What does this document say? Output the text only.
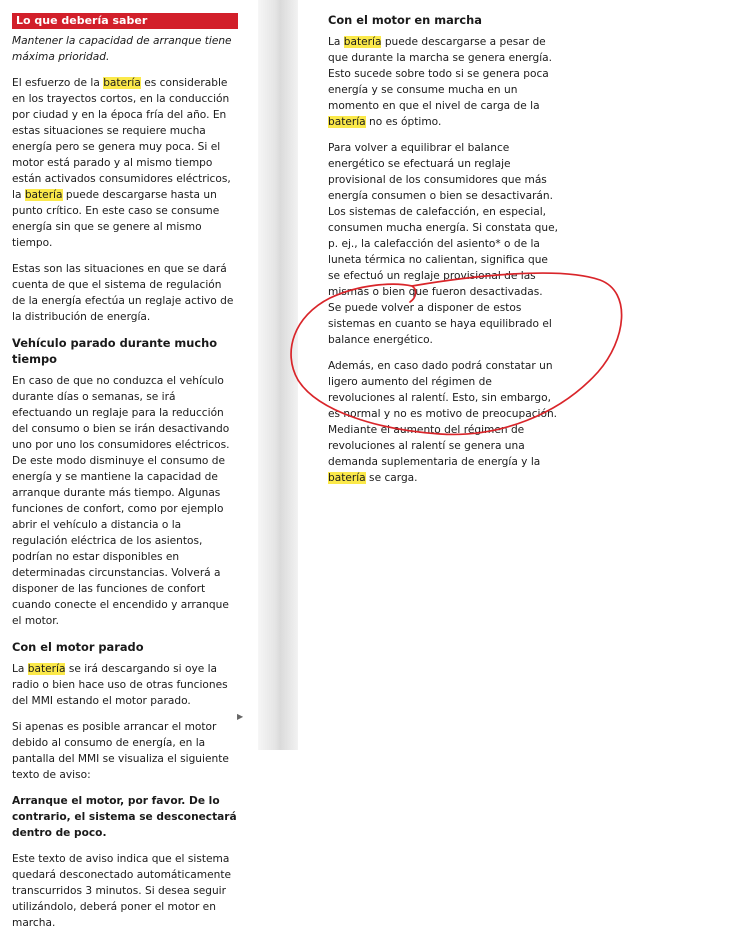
Lo que debería saber

Mantener la capacidad de arranque tiene máxima prioridad.

El esfuerzo de la batería es considerable en los trayectos cortos, en la conducción por ciudad y en la época fría del año. En estas situaciones se requiere mucha energía pero se genera muy poca. Si el motor está parado y al mismo tiempo están activados consumidores eléctricos, la batería puede descargarse hasta un punto crítico. En este caso se consume energía sin que se genere al mismo tiempo.

Estas son las situaciones en que se dará cuenta de que el sistema de regulación de la energía efectúa un reglaje activo de la distribución de energía.

Vehículo parado durante mucho tiempo

En caso de que no conduzca el vehículo durante días o semanas, se irá efectuando un reglaje para la reducción del consumo o bien se irán desactivando uno por uno los consumidores eléctricos. De este modo disminuye el consumo de energía y se mantiene la capacidad de arranque durante más tiempo. Algunas funciones de confort, como por ejemplo abrir el vehículo a distancia o la regulación eléctrica de los asientos, podrían no estar disponibles en determinadas circunstancias. Volverá a disponer de las funciones de confort cuando conecte el encendido y arranque el motor.

Con el motor parado

La batería se irá descargando si oye la radio o bien hace uso de otras funciones del MMI estando el motor parado.

Si apenas es posible arrancar el motor debido al consumo de energía, en la pantalla del MMI se visualiza el siguiente texto de aviso:

Arranque el motor, por favor. De lo contrario, el sistema se desconectará dentro de poco.

Este texto de aviso indica que el sistema quedará desconectado automáticamente transcurridos 3 minutos. Si desea seguir utilizándolo, deberá poner el motor en marcha.

▶
Con el motor en marcha

La batería puede descargarse a pesar de que durante la marcha se genera energía. Esto sucede sobre todo si se genera poca energía y se consume mucha en un momento en que el nivel de carga de la batería no es óptimo.

Para volver a equilibrar el balance energético se efectuará un reglaje provisional de los consumidores que más energía consumen o bien se desactivarán. Los sistemas de calefacción, en especial, consumen mucha energía. Si constata que, p. ej., la calefacción del asiento* o de la luneta térmica no calientan, significa que se efectuó un reglaje provisional de las mismas o bien que fueron desactivadas. Se puede volver a disponer de estos sistemas en cuanto se haya equilibrado el balance energético.

Además, en caso dado podrá constatar un ligero aumento del régimen de revoluciones al ralentí. Esto, sin embargo, es normal y no es motivo de preocupación. Mediante el aumento del régimen de revoluciones al ralentí se genera una demanda suplementaria de energía y la batería se carga.
